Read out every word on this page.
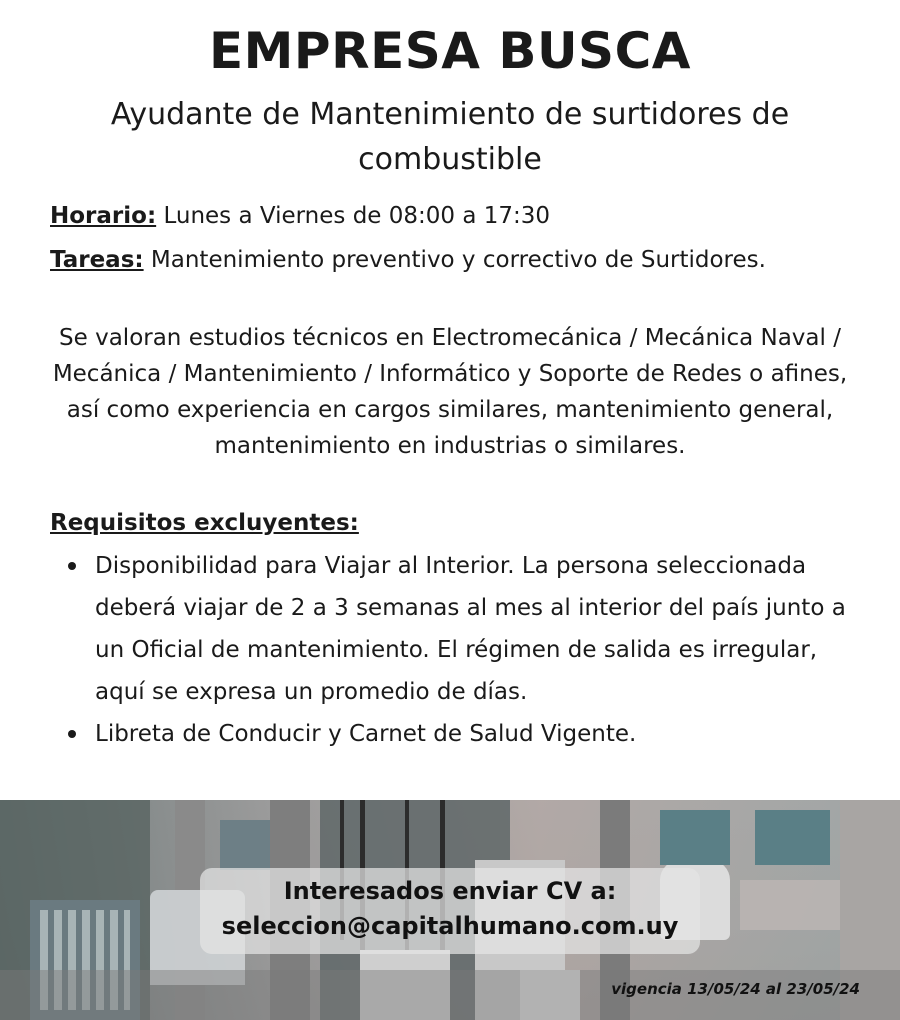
EMPRESA BUSCA

Ayudante de Mantenimiento de surtidores de combustible

Horario: Lunes a Viernes de 08:00 a 17:30

Tareas: Mantenimiento preventivo y correctivo de Surtidores.

Se valoran estudios técnicos en Electromecánica / Mecánica Naval / Mecánica / Mantenimiento / Informático y Soporte de Redes o afines, así como experiencia en cargos similares, mantenimiento general, mantenimiento en industrias o similares.

Requisitos excluyentes:

Disponibilidad para Viajar al Interior. La persona seleccionada deberá viajar de 2 a 3 semanas al mes al interior del país junto a un Oficial de mantenimiento. El régimen de salida es irregular, aquí se expresa un promedio de días.
Libreta de Conducir y Carnet de Salud Vigente.
Interesados enviar CV a:
seleccion@capitalhumano.com.uy
vigencia 13/05/24 al 23/05/24
